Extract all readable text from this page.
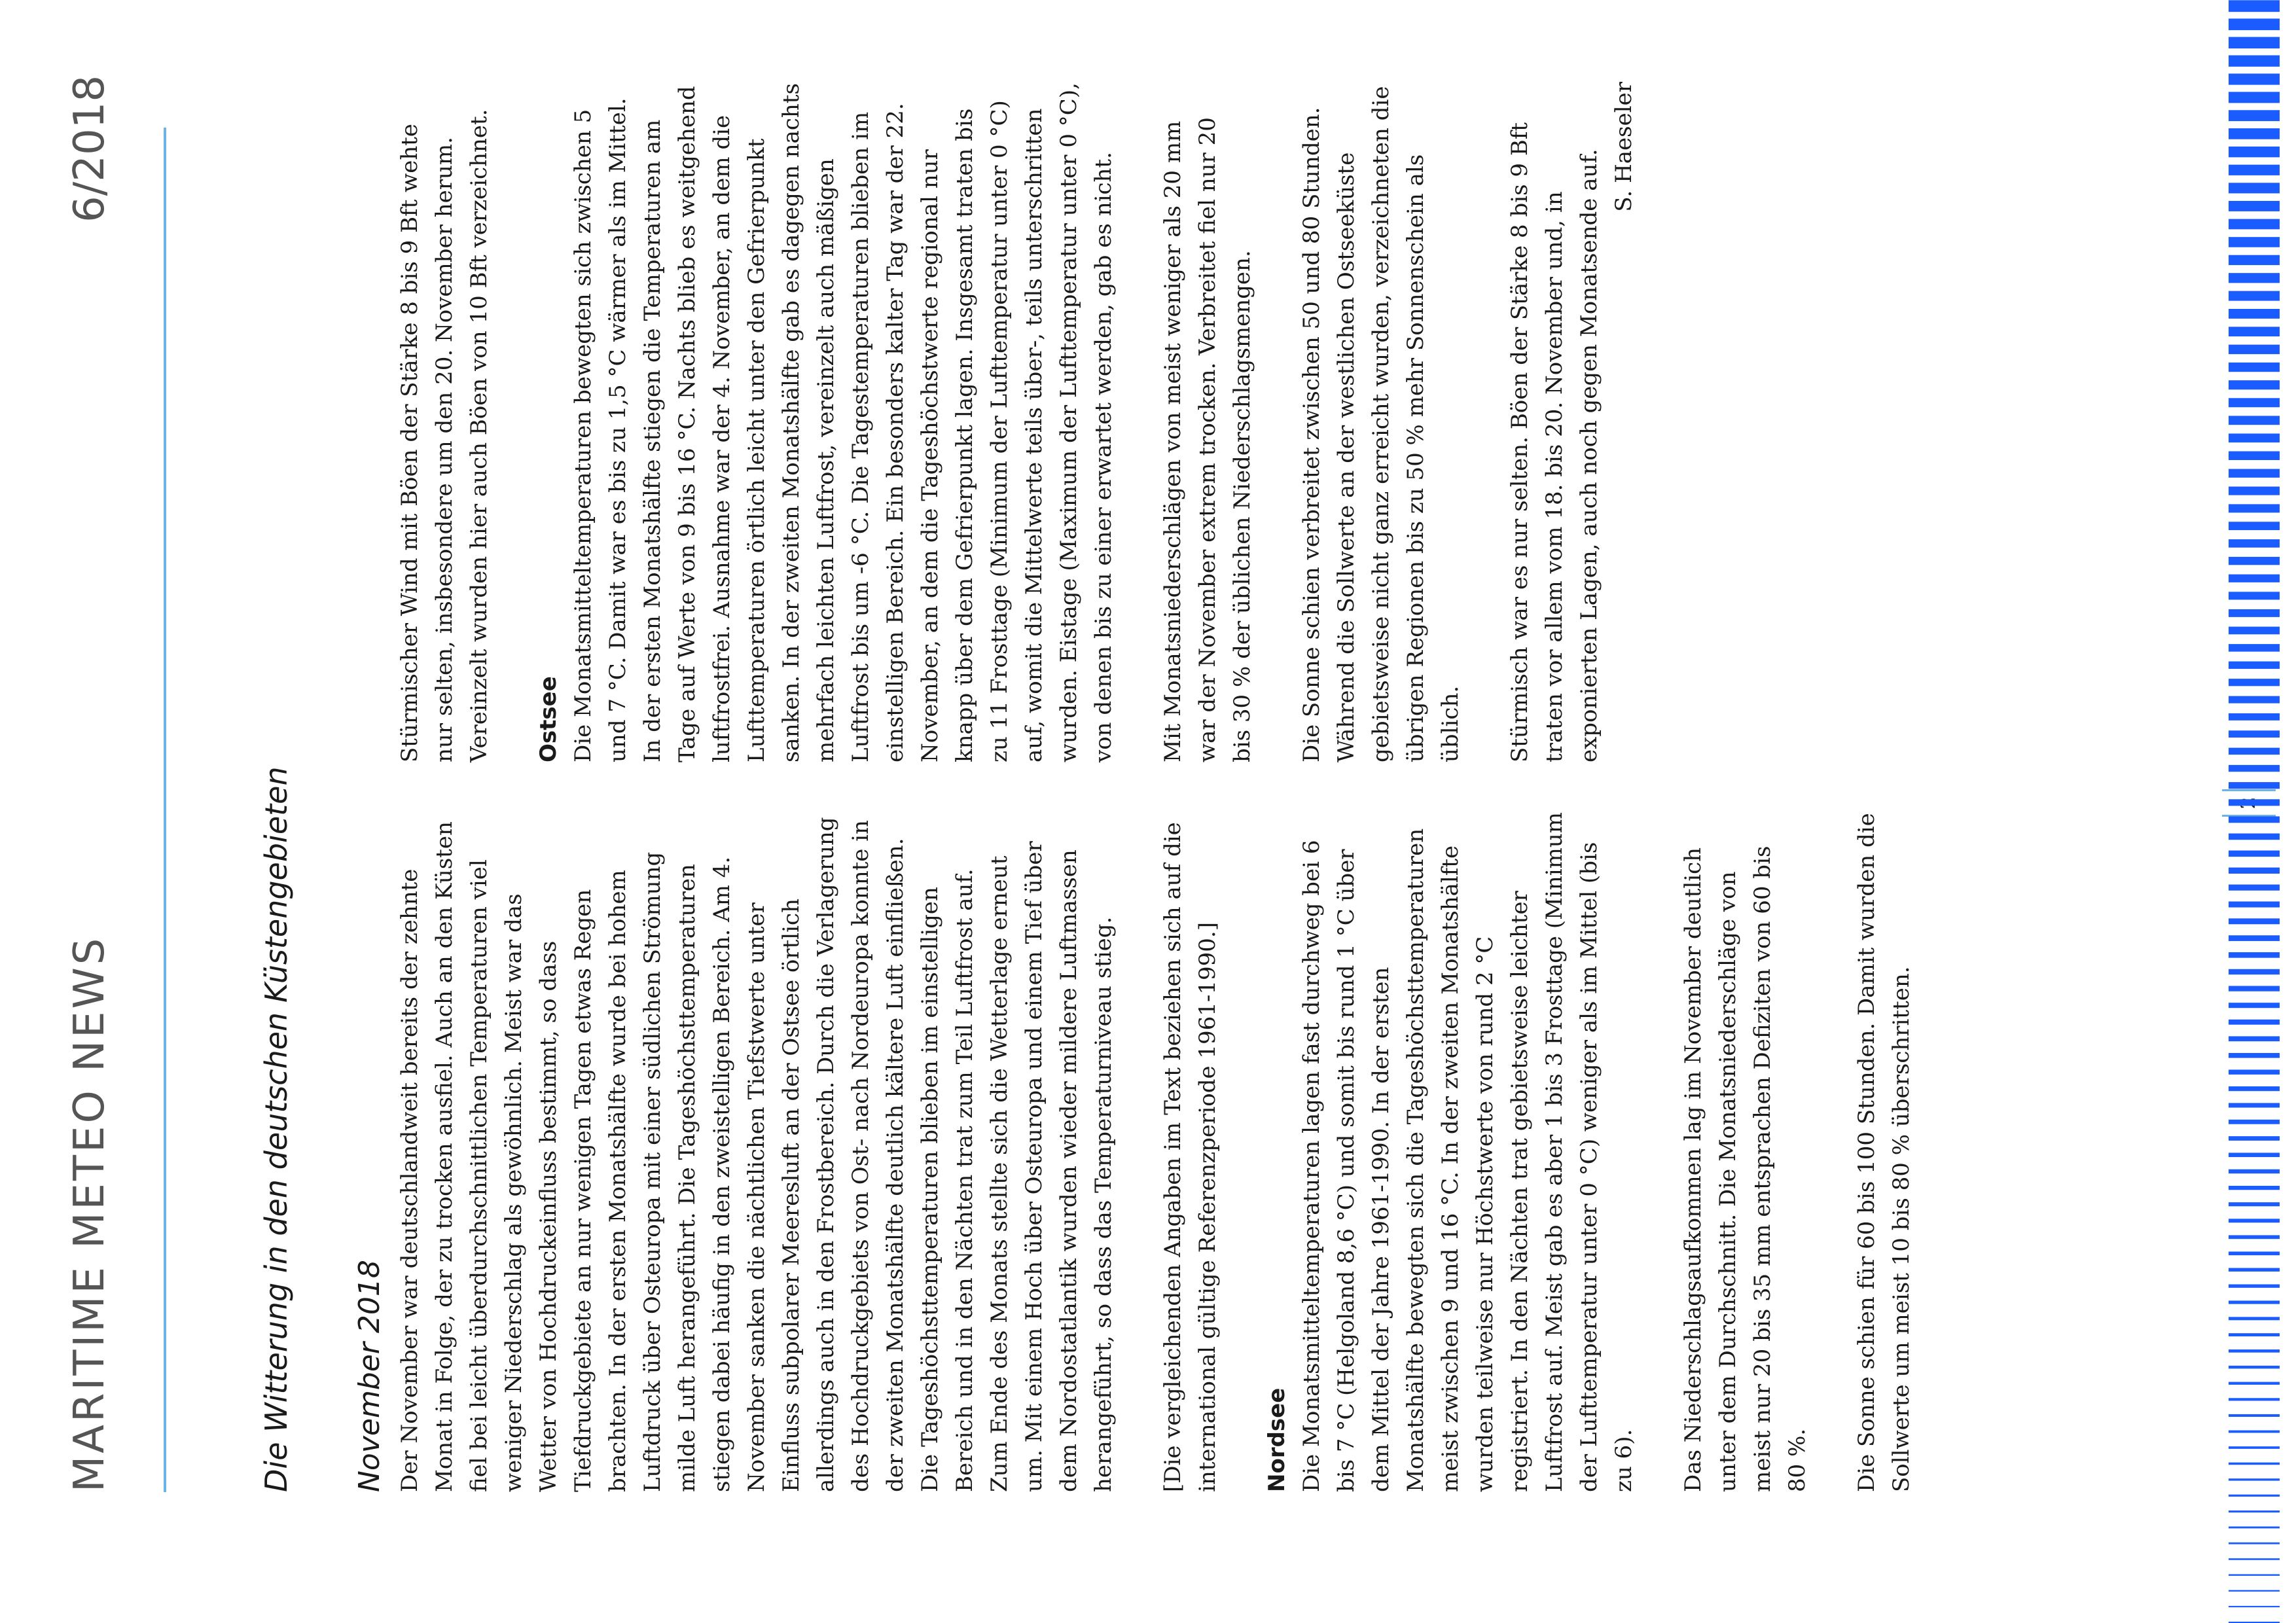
MARITIME METEO NEWS
6/2018
Die Witterung in den deutschen Küstengebieten November 2018 Der November war deutschlandweit bereits der zehnte Monat in Folge, der zu trocken ausfiel. Auch an den Küsten fiel bei leicht überdurchschnittlichen Temperaturen viel weniger Niederschlag als gewöhnlich. Meist war das Wetter von Hochdruckeinfluss bestimmt, so dass Tiefdruckgebiete an nur wenigen Tagen etwas Regen brachten. In der ersten Monatshälfte wurde bei hohem Luftdruck über Osteuropa mit einer südlichen Strömung milde Luft herangeführt. Die Tageshöchsttemperaturen stiegen dabei häufig in den zweistelligen Bereich. Am 4. November sanken die nächtlichen Tiefstwerte unter Einfluss subpolarer Meeresluft an der Ostsee örtlich allerdings auch in den Frostbereich. Durch die Verlagerung des Hochdruckgebiets von Ost- nach Nordeuropa konnte in der zweiten Monatshälfte deutlich kältere Luft einfließen. Die Tageshöchsttemperaturen blieben im einstelligen Bereich und in den Nächten trat zum Teil Luftfrost auf. Zum Ende des Monats stellte sich die Wetterlage erneut um. Mit einem Hoch über Osteuropa und einem Tief über dem Nordostatlantik wurden wieder mildere Luftmassen herangeführt, so dass das Temperaturniveau stieg. [Die vergleichenden Angaben im Text beziehen sich auf die international gültige Referenzperiode 1961-1990.] Nordsee Die Monatsmitteltemperaturen lagen fast durchweg bei 6 bis 7 °C (Helgoland 8,6 °C) und somit bis rund 1 °C über dem Mittel der Jahre 1961-1990. In der ersten Monatshälfte bewegten sich die Tageshöchsttemperaturen meist zwischen 9 und 16 °C. In der zweiten Monatshälfte wurden teilweise nur Höchstwerte von rund 2 °C registriert. In den Nächten trat gebietsweise leichter Luftfrost auf. Meist gab es aber 1 bis 3 Frosttage (Minimum der Lufttemperatur unter 0 °C) weniger als im Mittel (bis zu 6). Das Niederschlagsaufkommen lag im November deutlich unter dem Durchschnitt. Die Monatsniederschläge von meist nur 20 bis 35 mm entsprachen Defiziten von 60 bis 80 %. Die Sonne schien für 60 bis 100 Stunden. Damit wurden die Sollwerte um meist 10 bis 80 % überschritten.

Stürmischer Wind mit Böen der Stärke 8 bis 9 Bft wehte nur selten, insbesondere um den 20. November herum. Vereinzelt wurden hier auch Böen von 10 Bft verzeichnet. Ostsee Die Monatsmitteltemperaturen bewegten sich zwischen 5 und 7 °C. Damit war es bis zu 1,5 °C wärmer als im Mittel. In der ersten Monatshälfte stiegen die Temperaturen am Tage auf Werte von 9 bis 16 °C. Nachts blieb es weitgehend luftfrostfrei. Ausnahme war der 4. November, an dem die Lufttemperaturen örtlich leicht unter den Gefrierpunkt sanken. In der zweiten Monatshälfte gab es dagegen nachts mehrfach leichten Luftfrost, vereinzelt auch mäßigen Luftfrost bis um -6 °C. Die Tagestemperaturen blieben im einstelligen Bereich. Ein besonders kalter Tag war der 22. November, an dem die Tageshöchstwerte regional nur knapp über dem Gefrierpunkt lagen. Insgesamt traten bis zu 11 Frosttage (Minimum der Lufttemperatur unter 0 °C) auf, womit die Mittelwerte teils über-, teils unterschritten wurden. Eistage (Maximum der Lufttemperatur unter 0 °C), von denen bis zu einer erwartet werden, gab es nicht. Mit Monatsniederschlägen von meist weniger als 20 mm war der November extrem trocken. Verbreitet fiel nur 20 bis 30 % der üblichen Niederschlagsmengen. Die Sonne schien verbreitet zwischen 50 und 80 Stunden. Während die Sollwerte an der westlichen Ostseeküste gebietsweise nicht ganz erreicht wurden, verzeichneten die übrigen Regionen bis zu 50 % mehr Sonnenschein als üblich. Stürmisch war es nur selten. Böen der Stärke 8 bis 9 Bft traten vor allem vom 18. bis 20. November und, in exponierten Lagen, auch noch gegen Monatsende auf.

S. Haeseler
